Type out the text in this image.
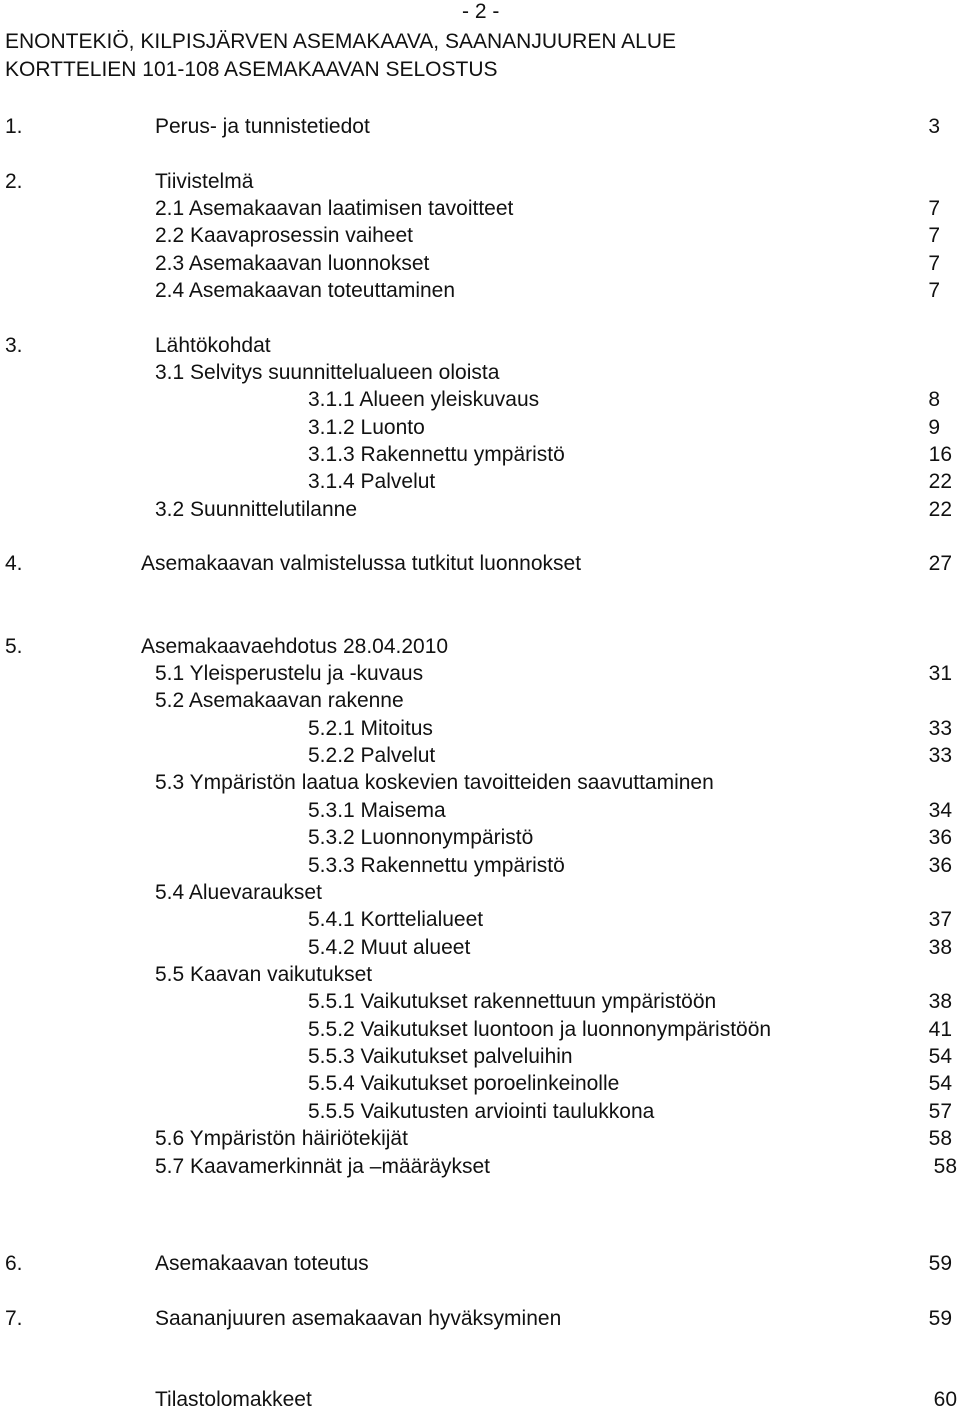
- 2 -
ENONTEKIÖ, KILPISJÄRVEN ASEMAKAAVA, SAANANJUUREN ALUE
KORTTELIEN 101-108 ASEMAKAAVAN SELOSTUS
1.	Perus- ja tunnistetiedot	3
2.	Tiivistelmä
2.1 Asemakaavan laatimisen tavoitteet	7
2.2 Kaavaprosessin vaiheet	7
2.3 Asemakaavan luonnokset	7
2.4 Asemakaavan toteuttaminen	7
3.	Lähtökohdat
3.1 Selvitys suunnittelualueen oloista
3.1.1 Alueen yleiskuvaus	8
3.1.2 Luonto	9
3.1.3 Rakennettu ympäristö	16
3.1.4 Palvelut	22
3.2 Suunnittelutilanne	22
4.	Asemakaavan valmistelussa tutkitut luonnokset	27
5.	Asemakaavaehdotus 28.04.2010
5.1 Yleisperustelu ja -kuvaus	31
5.2 Asemakaavan rakenne
5.2.1 Mitoitus	33
5.2.2 Palvelut	33
5.3 Ympäristön laatua koskevien tavoitteiden saavuttaminen
5.3.1 Maisema	34
5.3.2 Luonnonympäristö	36
5.3.3 Rakennettu ympäristö	36
5.4 Aluevaraukset
5.4.1 Korttelialueet	37
5.4.2 Muut alueet	38
5.5 Kaavan vaikutukset
5.5.1 Vaikutukset rakennettuun ympäristöön	38
5.5.2 Vaikutukset luontoon ja luonnonympäristöön	41
5.5.3 Vaikutukset palveluihin	54
5.5.4 Vaikutukset poroelinkeinolle	54
5.5.5 Vaikutusten arviointi taulukkona	57
5.6 Ympäristön häiriötekijät	58
5.7 Kaavamerkinnät ja –määräykset	58
6.	Asemakaavan toteutus	59
7.	Saananjuuren asemakaavan hyväksyminen	59
Tilastolomakkeet	60
